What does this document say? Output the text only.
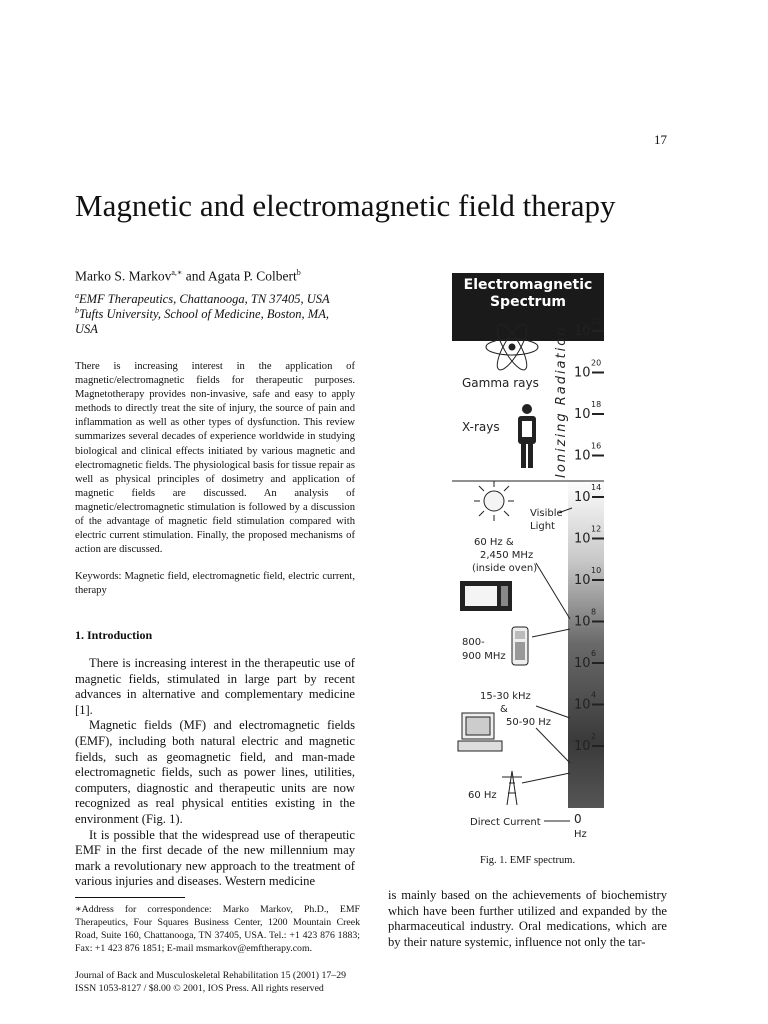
17
Magnetic and electromagnetic field therapy
Marko S. Markov$^{a,∗}$ and Agata P. Colbert$^b$
$^a$EMF Therapeutics, Chattanooga, TN 37405, USA
$^b$Tufts University, School of Medicine, Boston, MA, USA
There is increasing interest in the application of magnetic/electromagnetic fields for therapeutic purposes. Magnetotherapy provides non-invasive, safe and easy to apply methods to directly treat the site of injury, the source of pain and inflammation as well as other types of dysfunction. This review summarizes several decades of experience worldwide in studying biological and clinical effects initiated by various magnetic and electromagnetic fields. The physiological basis for tissue repair as well as physical principles of dosimetry and application of magnetic fields are discussed. An analysis of magnetic/electromagnetic stimulation is followed by a discussion of the advantage of magnetic field stimulation compared with electric current stimulation. Finally, the proposed mechanisms of action are discussed.
Keywords: Magnetic field, electromagnetic field, electric current, therapy
1. Introduction

There is increasing interest in the therapeutic use of magnetic fields, stimulated in large part by recent advances in alternative and complementary medicine [1].

Magnetic fields (MF) and electromagnetic fields (EMF), including both natural electric and magnetic fields, such as geomagnetic field, and man-made electromagnetic fields, such as power lines, utilities, computers, diagnostic and therapeutic units are now recognized as real physical entities existing in the environment (Fig. 1).

It is possible that the widespread use of therapeutic EMF in the first decade of the new millennium may mark a revolutionary new approach to the treatment of various injuries and diseases. Western medicine

∗Address for correspondence: Marko Markov, Ph.D., EMF Therapeutics, Four Squares Business Center, 1200 Mountain Creek Road, Suite 160, Chattanooga, TN 37405, USA. Tel.: +1 423 876 1883; Fax: +1 423 876 1851; E-mail msmarkov@emftherapy.com.
Journal of Back and Musculoskeletal Rehabilitation 15 (2001) 17–29
ISSN 1053-8127 / $8.00 © 2001, IOS Press. All rights reserved
Electromagnetic
Spectrum
Ionizing Radiation
Gamma rays
X-rays
Visible
Light
60 Hz &
2,450 MHz
(inside oven)
800-
900 MHz
15-30 kHz
&
50-90 Hz
60 Hz
Direct Current
10
22
10
20
10
18
10
16
10
14
10
12
10
10
10
8
10
6
10
4
10
2
0
Hz
Fig. 1. EMF spectrum.
is mainly based on the achievements of biochemistry which have been further utilized and expanded by the pharmaceutical industry. Oral medications, which are by their nature systemic, influence not only the tar-
